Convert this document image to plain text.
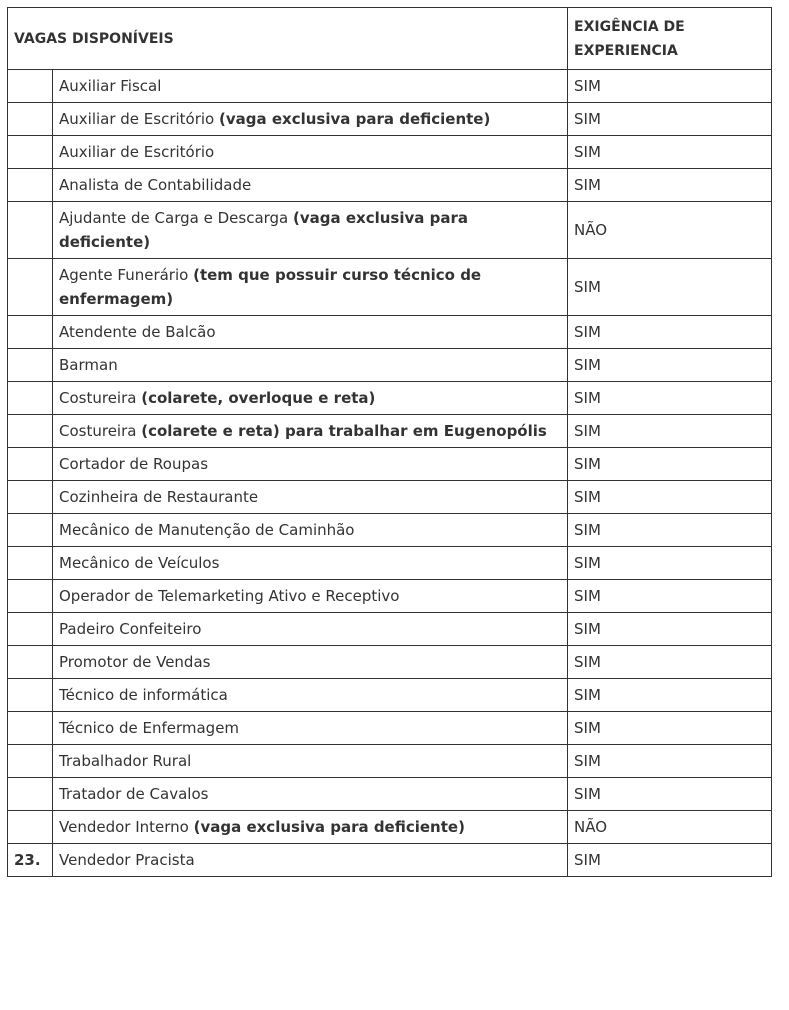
VAGAS DISPONÍVEIS		EXIGÊNCIA DE EXPERIENCIA
	Auxiliar Fiscal	SIM
	Auxiliar de Escritório (vaga exclusiva para deficiente)	SIM
	Auxiliar de Escritório	SIM
	Analista de Contabilidade	SIM
	Ajudante de Carga e Descarga (vaga exclusiva para deficiente)	NÃO
	Agente Funerário (tem que possuir curso técnico de enfermagem)	SIM
	Atendente de Balcão	SIM
	Barman	SIM
	Costureira (colarete, overloque e reta)	SIM
	Costureira (colarete e reta) para trabalhar em Eugenopólis	SIM
	Cortador de Roupas	SIM
	Cozinheira de Restaurante	SIM
	Mecânico de Manutenção de Caminhão	SIM
	Mecânico de Veículos	SIM
	Operador de Telemarketing Ativo e Receptivo	SIM
	Padeiro Confeiteiro	SIM
	Promotor de Vendas	SIM
	Técnico de informática	SIM
	Técnico de Enfermagem	SIM
	Trabalhador Rural	SIM
	Tratador de Cavalos	SIM
	Vendedor Interno (vaga exclusiva para deficiente)	NÃO
23.	Vendedor Pracista	SIM
